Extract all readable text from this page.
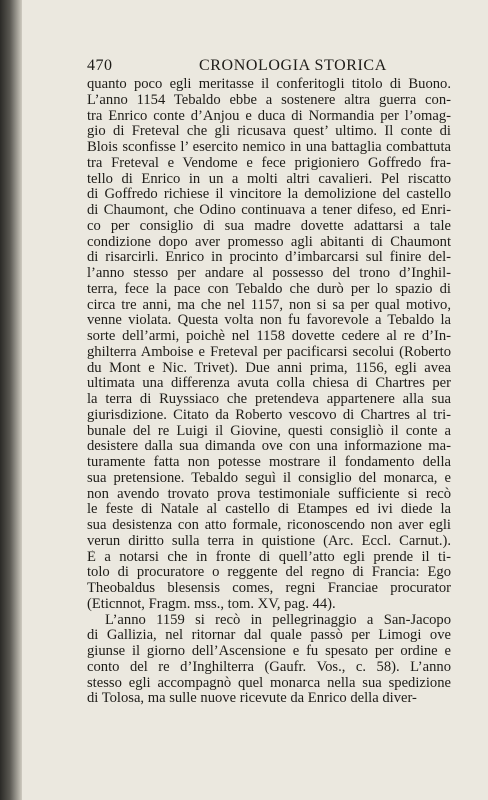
470	CRONOLOGIA STORICA
quanto poco egli meritasse il conferitogli titolo di Buono.
L’anno 1154 Tebaldo ebbe a sostenere altra guerra con-
tra Enrico conte d’Anjou e duca di Normandia per l’omag-
gio di Freteval che gli ricusava quest’ ultimo. Il conte di
Blois sconfisse l’ esercito nemico in una battaglia combattuta
tra Freteval e Vendome e fece prigioniero Goffredo fra-
tello di Enrico in un a molti altri cavalieri. Pel riscatto
di Goffredo richiese il vincitore la demolizione del castello
di Chaumont, che Odino continuava a tener difeso, ed Enri-
co per consiglio di sua madre dovette adattarsi a tale
condizione dopo aver promesso agli abitanti di Chaumont
di risarcirli. Enrico in procinto d’imbarcarsi sul finire del-
l’anno stesso per andare al possesso del trono d’Inghil-
terra, fece la pace con Tebaldo che durò per lo spazio di
circa tre anni, ma che nel 1157, non si sa per qual motivo,
venne violata. Questa volta non fu favorevole a Tebaldo la
sorte dell’armi, poichè nel 1158 dovette cedere al re d’In-
ghilterra Amboise e Freteval per pacificarsi secolui (Roberto
du Mont e Nic. Trivet). Due anni prima, 1156, egli avea
ultimata una differenza avuta colla chiesa di Chartres per
la terra di Ruyssiaco che pretendeva appartenere alla sua
giurisdizione. Citato da Roberto vescovo di Chartres al tri-
bunale del re Luigi il Giovine, questi consigliò il conte a
desistere dalla sua dimanda ove con una informazione ma-
turamente fatta non potesse mostrare il fondamento della
sua pretensione. Tebaldo seguì il consiglio del monarca, e
non avendo trovato prova testimoniale sufficiente si recò
le feste di Natale al castello di Etampes ed ivi diede la
sua desistenza con atto formale, riconoscendo non aver egli
verun diritto sulla terra in quistione (Arc. Eccl. Carnut.).
È a notarsi che in fronte di quell’atto egli prende il ti-
tolo di procuratore o reggente del regno di Francia: Ego
Theobaldus blesensis comes, regni Franciae procurator
(Eticnnot, Fragm. mss., tom. XV, pag. 44).
L’anno 1159 si recò in pellegrinaggio a San-Jacopo
di Gallizia, nel ritornar dal quale passò per Limogi ove
giunse il giorno dell’Ascensione e fu spesato per ordine e
conto del re d’Inghilterra (Gaufr. Vos., c. 58). L’anno
stesso egli accompagnò quel monarca nella sua spedizione
di Tolosa, ma sulle nuove ricevute da Enrico della diver-
